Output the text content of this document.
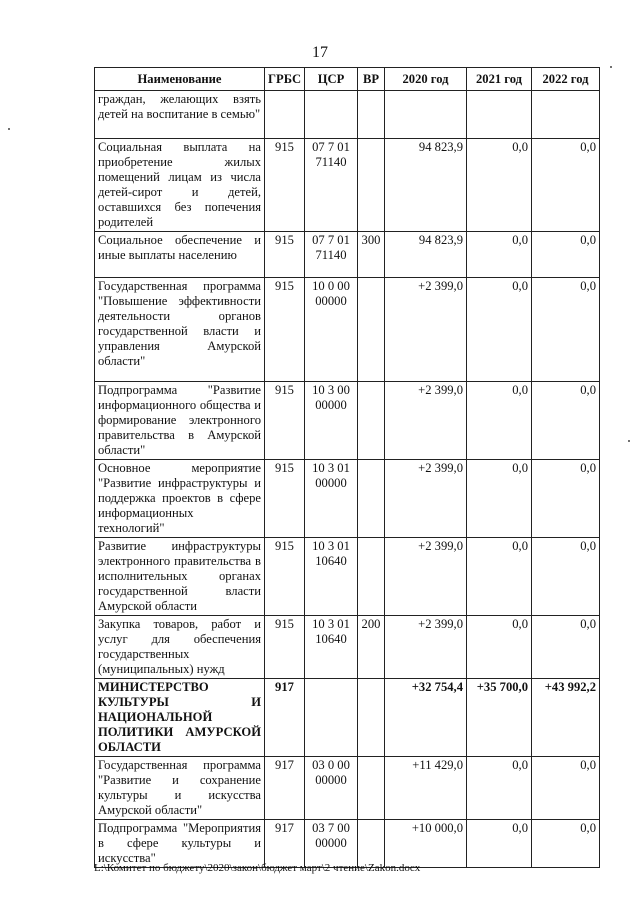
17
Наименование	ГРБС	ЦСР	ВР	2020 год	2021 год	2022 год
граждан, желающих взять детей на воспитание в семью"						
Социальная выплата на приобретение жилых помещений лицам из числа детей-сирот и детей, оставшихся без попечения родителей	915	07 7 01 71140		94 823,9	0,0	0,0
Социальное обеспечение и иные выплаты населению	915	07 7 01 71140	300	94 823,9	0,0	0,0
Государственная программа "Повышение эффективности деятельности органов государственной власти и управления Амурской области"	915	10 0 00 00000		+2 399,0	0,0	0,0
Подпрограмма "Развитие информационного общества и формирование электронного правительства в Амурской области"	915	10 3 00 00000		+2 399,0	0,0	0,0
Основное мероприятие "Развитие инфраструктуры и поддержка проектов в сфере информационных технологий"	915	10 3 01 00000		+2 399,0	0,0	0,0
Развитие инфраструктуры электронного правительства в исполнительных органах государственной власти Амурской области	915	10 3 01 10640		+2 399,0	0,0	0,0
Закупка товаров, работ и услуг для обеспечения государственных (муниципальных) нужд	915	10 3 01 10640	200	+2 399,0	0,0	0,0
МИНИСТЕРСТВО КУЛЬТУРЫ И НАЦИОНАЛЬНОЙ ПОЛИТИКИ АМУРСКОЙ ОБЛАСТИ	917			+32 754,4	+35 700,0	+43 992,2
Государственная программа "Развитие и сохранение культуры и искусства Амурской области"	917	03 0 00 00000		+11 429,0	0,0	0,0
Подпрограмма "Мероприятия в сфере культуры и искусства"	917	03 7 00 00000		+10 000,0	0,0	0,0
L:\Комитет по бюджету\2020\закон\бюджет март\2 чтение\Zakon.docx
